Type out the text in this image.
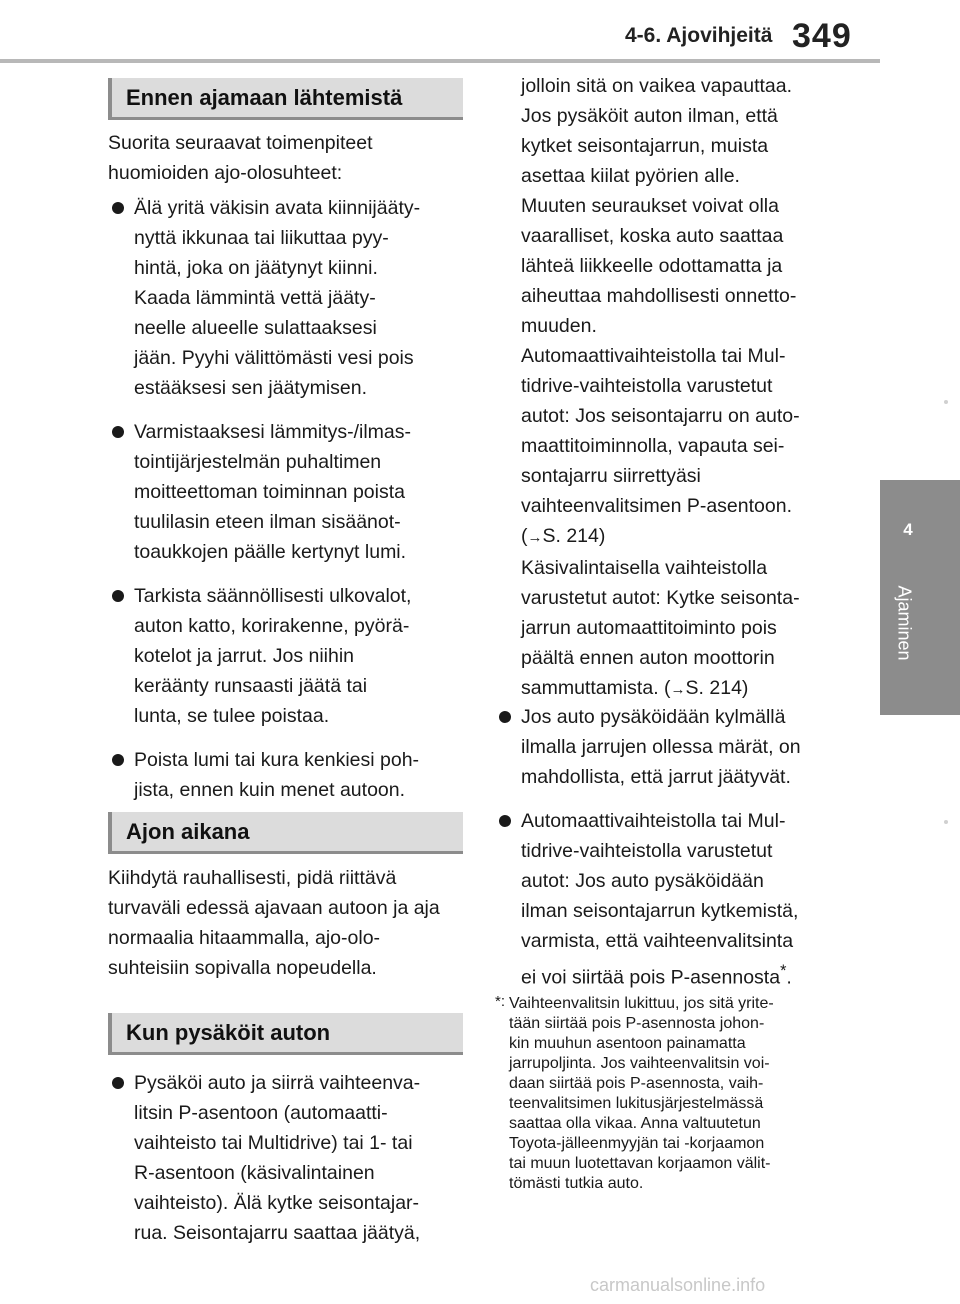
4-6. Ajovihjeitä 349
4
Ajaminen
Ennen ajamaan lähtemistä
Suorita seuraavat toimenpiteet huomioiden ajo-olosuhteet:
Älä yritä väkisin avata kiinnijääty-
nyttä ikkunaa tai liikuttaa pyy-
hintä, joka on jäätynyt kiinni.
Kaada lämmintä vettä jääty-
neelle alueelle sulattaaksesi
jään. Pyyhi välittömästi vesi pois
estääksesi sen jäätymisen.
Varmistaaksesi lämmitys-/ilmas-
tointijärjestelmän puhaltimen
moitteettoman toiminnan poista
tuulilasin eteen ilman sisäänot-
toaukkojen päälle kertynyt lumi.
Tarkista säännöllisesti ulkovalot,
auton katto, korirakenne, pyörä-
kotelot ja jarrut. Jos niihin
keräänty runsaasti jäätä tai
lunta, se tulee poistaa.
Poista lumi tai kura kenkiesi poh-
jista, ennen kuin menet autoon.
Ajon aikana
Kiihdytä rauhallisesti, pidä riittävä turvaväli edessä ajavaan autoon ja aja normaalia hitaammalla, ajo-olo-suhteisiin sopivalla nopeudella.
Kun pysäköit auton
Pysäköi auto ja siirrä vaihteenva-
litsin P-asentoon (automaatti-
vaihteisto tai Multidrive) tai 1- tai
R-asentoon (käsivalintainen
vaihteisto). Älä kytke seisontajar-
rua. Seisontajarru saattaa jäätyä,
jolloin sitä on vaikea vapauttaa.
Jos pysäköit auton ilman, että
kytket seisontajarrun, muista
asettaa kiilat pyörien alle.
Muuten seuraukset voivat olla
vaaralliset, koska auto saattaa
lähteä liikkeelle odottamatta ja
aiheuttaa mahdollisesti onnetto-
muuden.
Automaattivaihteistolla tai Mul-
tidrive-vaihteistolla varustetut
autot: Jos seisontajarru on auto-
maattitoiminnolla, vapauta sei-
sontajarru siirrettyäsi
vaihteenvalitsimen P-asentoon.
(→S. 214)
Käsivalintaisella vaihteistolla
varustetut autot: Kytke seisonta-
jarrun automaattitoiminto pois
päältä ennen auton moottorin
sammuttamista. (→S. 214)
Jos auto pysäköidään kylmällä
ilmalla jarrujen ollessa märät, on
mahdollista, että jarrut jäätyvät.
Automaattivaihteistolla tai Mul-
tidrive-vaihteistolla varustetut
autot: Jos auto pysäköidään
ilman seisontajarrun kytkemistä,
varmista, että vaihteenvalitsinta
ei voi siirtää pois P-asennosta*.
*: Vaihteenvalitsin lukittuu, jos sitä yrite-
tään siirtää pois P-asennosta johon-
kin muuhun asentoon painamatta
jarrupoljinta. Jos vaihteenvalitsin voi-
daan siirtää pois P-asennosta, vaih-
teenvalitsimen lukitusjärjestelmässä
saattaa olla vikaa. Anna valtuutetun
Toyota-jälleenmyyjän tai -korjaamon
tai muun luotettavan korjaamon välit-
tömästi tutkia auto.
carmanualsonline.info
